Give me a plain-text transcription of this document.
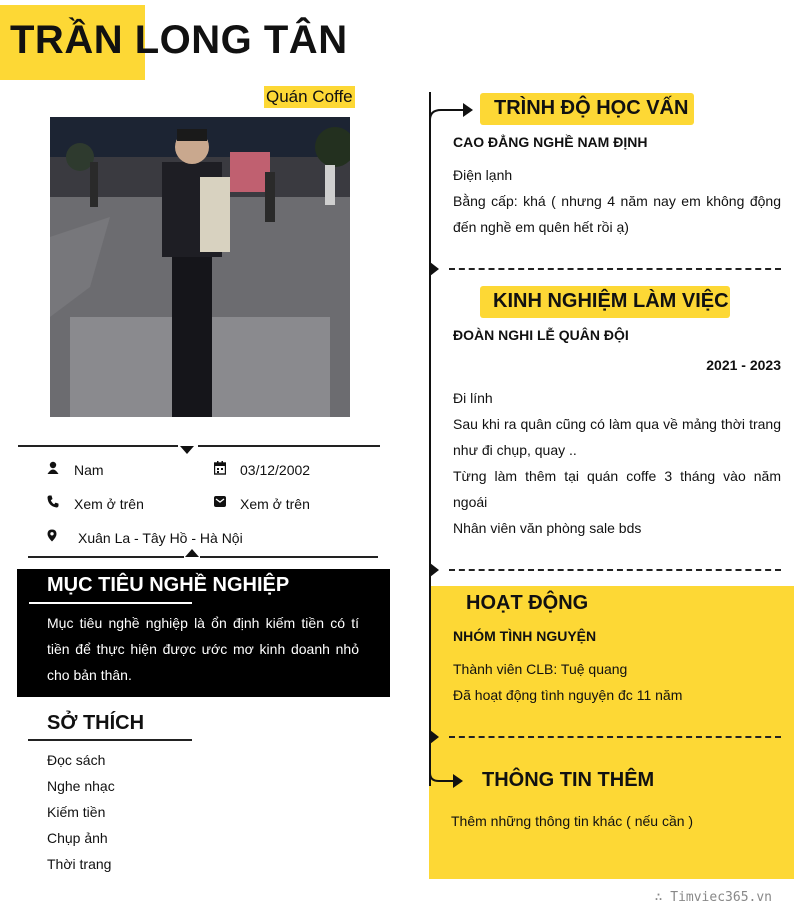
TRẦN LONG TÂN
Quán Coffe
Nam	03/12/2002
Xem ở trên	Xem ở trên
Xuân La - Tây Hồ - Hà Nội
MỤC TIÊU NGHỀ NGHIỆP
Mục tiêu nghề nghiệp là ổn định kiếm tiền có tí tiền để thực hiện được ước mơ kinh doanh nhỏ cho bản thân.
SỞ THÍCH
Đọc sách
Nghe nhạc
Kiếm tiền
Chụp ảnh
Thời trang
TRÌNH ĐỘ HỌC VẤN
CAO ĐẲNG NGHỀ NAM ĐỊNH
Điện lạnh
Bằng cấp: khá ( nhưng 4 năm nay em không động đến nghề em quên hết rồi ạ)
KINH NGHIỆM LÀM VIỆC
ĐOÀN NGHI LỄ QUÂN ĐỘI
2021 - 2023
Đi lính
Sau khi ra quân cũng có làm qua về mảng thời trang như đi chụp, quay ..
Từng làm thêm tại quán coffe 3 tháng vào năm ngoái
Nhân viên văn phòng sale bds
HOẠT ĐỘNG
NHÓM TÌNH NGUYỆN
Thành viên CLB: Tuệ quang
Đã hoạt động tình nguyện đc 11 năm
THÔNG TIN THÊM
Thêm những thông tin khác ( nếu cần )
∴ Timviec365.vn
